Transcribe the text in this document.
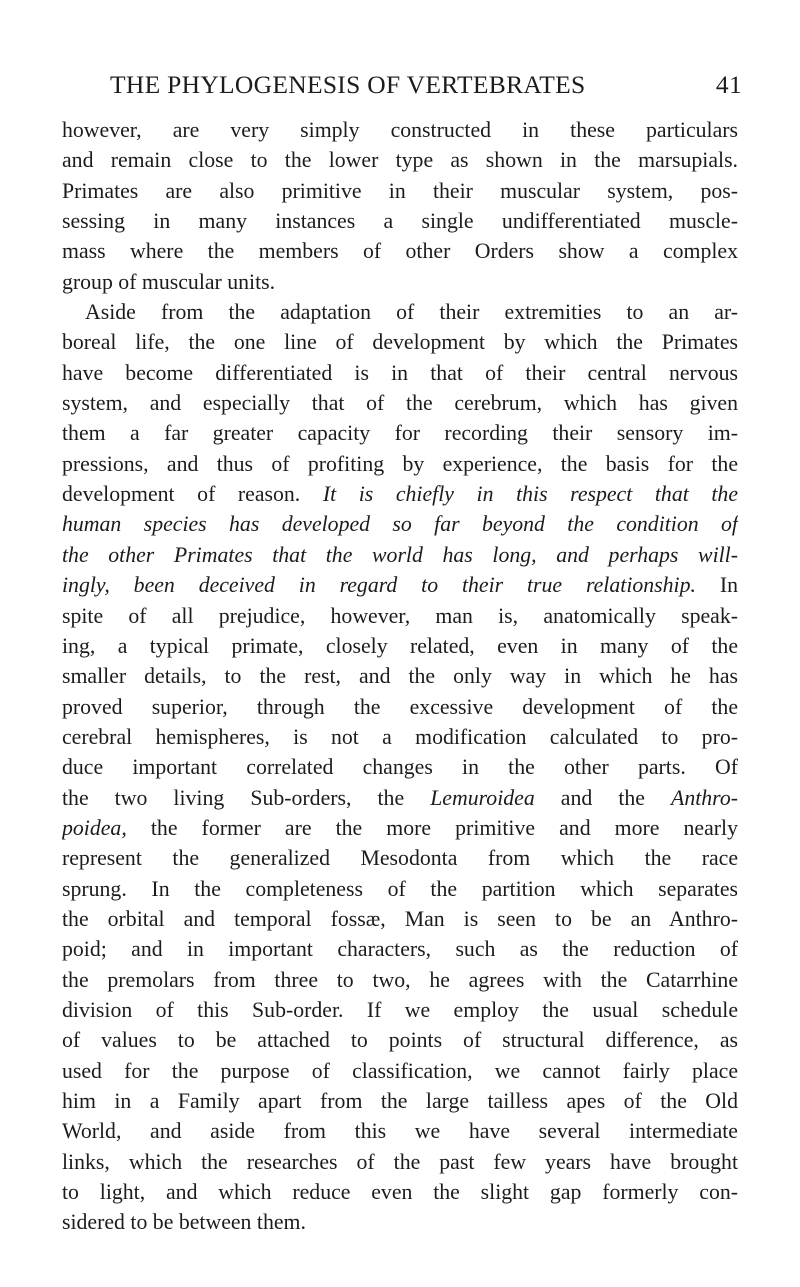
THE PHYLOGENESIS OF VERTEBRATES	41
however, are very simply constructed in these particulars
and remain close to the lower type as shown in the marsupials.
Primates are also primitive in their muscular system, pos-
sessing in many instances a single undifferentiated muscle-
mass where the members of other Orders show a complex
group of muscular units.
Aside from the adaptation of their extremities to an ar-
boreal life, the one line of development by which the Primates
have become differentiated is in that of their central nervous
system, and especially that of the cerebrum, which has given
them a far greater capacity for recording their sensory im-
pressions, and thus of profiting by experience, the basis for the
development of reason. It is chiefly in this respect that the
human species has developed so far beyond the condition of
the other Primates that the world has long, and perhaps will-
ingly, been deceived in regard to their true relationship. In
spite of all prejudice, however, man is, anatomically speak-
ing, a typical primate, closely related, even in many of the
smaller details, to the rest, and the only way in which he has
proved superior, through the excessive development of the
cerebral hemispheres, is not a modification calculated to pro-
duce important correlated changes in the other parts. Of
the two living Sub-orders, the Lemuroidea and the Anthro-
poidea, the former are the more primitive and more nearly
represent the generalized Mesodonta from which the race
sprung. In the completeness of the partition which separates
the orbital and temporal fossæ, Man is seen to be an Anthro-
poid; and in important characters, such as the reduction of
the premolars from three to two, he agrees with the Catarrhine
division of this Sub-order. If we employ the usual schedule
of values to be attached to points of structural difference, as
used for the purpose of classification, we cannot fairly place
him in a Family apart from the large tailless apes of the Old
World, and aside from this we have several intermediate
links, which the researches of the past few years have brought
to light, and which reduce even the slight gap formerly con-
sidered to be between them.
